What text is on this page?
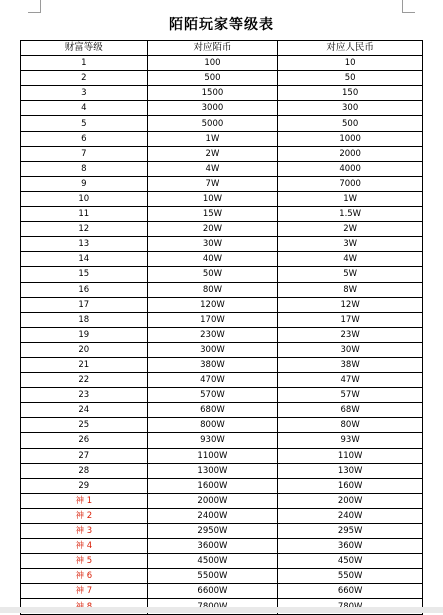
陌陌玩家等级表
财富等级	对应陌币	对应人民币
1	100	10
2	500	50
3	1500	150
4	3000	300
5	5000	500
6	1W	1000
7	2W	2000
8	4W	4000
9	7W	7000
10	10W	1W
11	15W	1.5W
12	20W	2W
13	30W	3W
14	40W	4W
15	50W	5W
16	80W	8W
17	120W	12W
18	170W	17W
19	230W	23W
20	300W	30W
21	380W	38W
22	470W	47W
23	570W	57W
24	680W	68W
25	800W	80W
26	930W	93W
27	1100W	110W
28	1300W	130W
29	1600W	160W
神 1	2000W	200W
神 2	2400W	240W
神 3	2950W	295W
神 4	3600W	360W
神 5	4500W	450W
神 6	5500W	550W
神 7	6600W	660W
